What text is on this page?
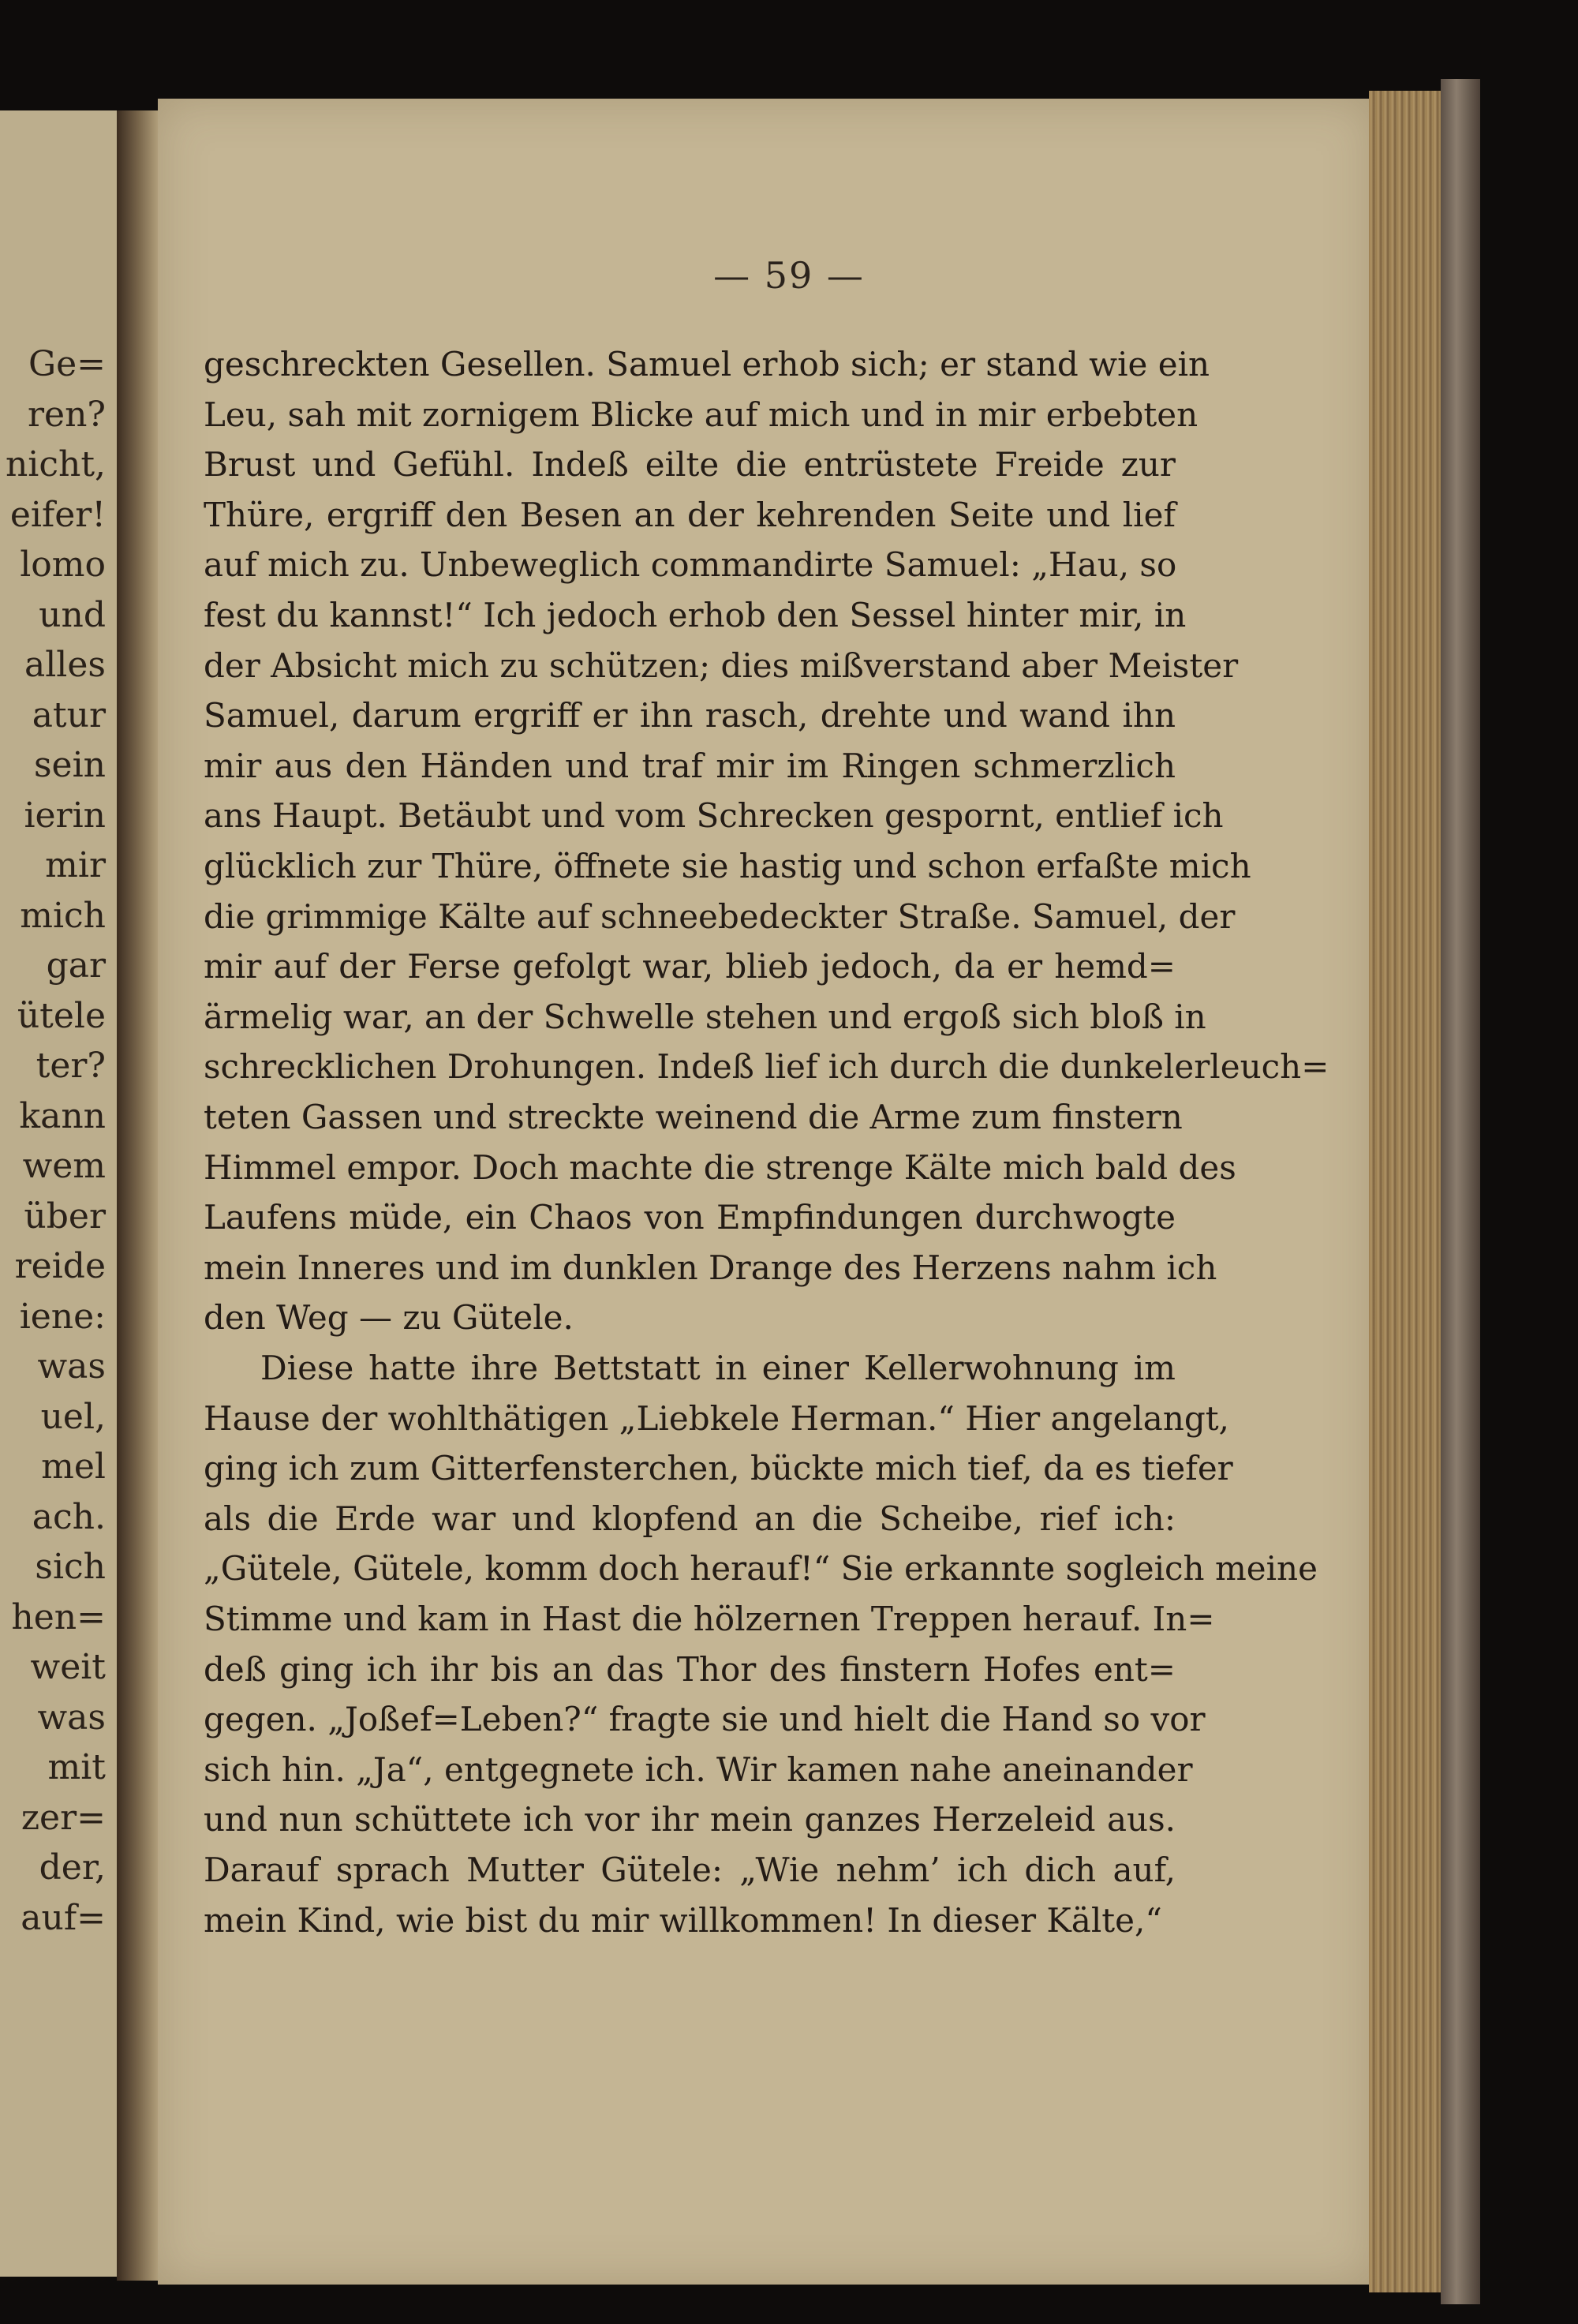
Ge=
ren?
nicht,
eifer!
lomo
und
alles
atur
sein
ierin
mir
mich
gar
ütele
ter?
kann
wem
über
reide
iene:
was
uel,
mel
ach.
sich
hen=
weit
was
mit
zer=
der,
auf=
— 59 —
geschreckten Gesellen. Samuel erhob sich; er stand wie ein
Leu, sah mit zornigem Blicke auf mich und in mir erbebten
Brust und Gefühl. Indeß eilte die entrüstete Freide zur
Thüre, ergriff den Besen an der kehrenden Seite und lief
auf mich zu. Unbeweglich commandirte Samuel: „Hau, so
fest du kannst!“ Ich jedoch erhob den Sessel hinter mir, in
der Absicht mich zu schützen; dies mißverstand aber Meister
Samuel, darum ergriff er ihn rasch, drehte und wand ihn
mir aus den Händen und traf mir im Ringen schmerzlich
ans Haupt. Betäubt und vom Schrecken gespornt, entlief ich
glücklich zur Thüre, öffnete sie hastig und schon erfaßte mich
die grimmige Kälte auf schneebedeckter Straße. Samuel, der
mir auf der Ferse gefolgt war, blieb jedoch, da er hemd=
ärmelig war, an der Schwelle stehen und ergoß sich bloß in
schrecklichen Drohungen. Indeß lief ich durch die dunkelerleuch=
teten Gassen und streckte weinend die Arme zum finstern
Himmel empor. Doch machte die strenge Kälte mich bald des
Laufens müde, ein Chaos von Empfindungen durchwogte
mein Inneres und im dunklen Drange des Herzens nahm ich
den Weg — zu Gütele.
Diese hatte ihre Bettstatt in einer Kellerwohnung im
Hause der wohlthätigen „Liebkele Herman.“ Hier angelangt,
ging ich zum Gitterfensterchen, bückte mich tief, da es tiefer
als die Erde war und klopfend an die Scheibe, rief ich:
„Gütele, Gütele, komm doch herauf!“ Sie erkannte sogleich meine
Stimme und kam in Hast die hölzernen Treppen herauf. In=
deß ging ich ihr bis an das Thor des finstern Hofes ent=
gegen. „Joßef=Leben?“ fragte sie und hielt die Hand so vor
sich hin. „Ja“, entgegnete ich. Wir kamen nahe aneinander
und nun schüttete ich vor ihr mein ganzes Herzeleid aus.
Darauf sprach Mutter Gütele: „Wie nehm’ ich dich auf,
mein Kind, wie bist du mir willkommen! In dieser Kälte,“
